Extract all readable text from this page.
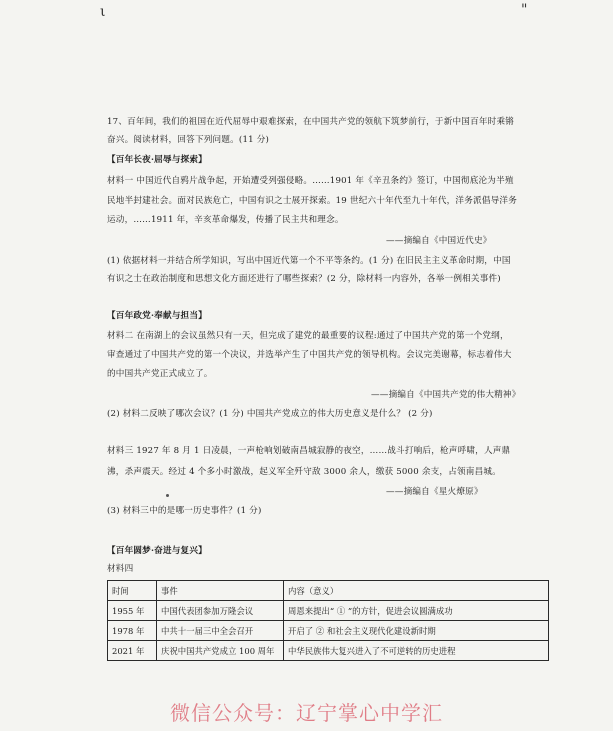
ι	"
17、百年间，我们的祖国在近代屈辱中艰难探索，在中国共产党的领航下筑梦前行，于新中国百年时乘锵
奋兴。阅读材料，回答下列问题。(11 分)
【百年长夜·屈辱与探索】
材料一 中国近代自鸦片战争起，开始遭受列强侵略。……1901 年《辛丑条约》签订，中国彻底沦为半殖
民地半封建社会。面对民族危亡，中国有识之士展开探索。19 世纪六十年代至九十年代，洋务派倡导洋务
运动，……1911 年，辛亥革命爆发，传播了民主共和理念。
——摘编自《中国近代史》
(1) 依据材料一并结合所学知识，写出中国近代第一个不平等条约。(1 分) 在旧民主主义革命时期，中国
有识之士在政治制度和思想文化方面还进行了哪些探索？(2 分，除材料一内容外，各举一例相关事件)
【百年政党·奉献与担当】
材料二 在南湖上的会议虽然只有一天，但完成了建党的最重要的议程:通过了中国共产党的第一个党纲，
审查通过了中国共产党的第一个决议，并选举产生了中国共产党的领导机构。会议完美谢幕，标志着伟大
的中国共产党正式成立了。
——摘编自《中国共产党的伟大精神》
(2) 材料二反映了哪次会议？(1 分) 中国共产党成立的伟大历史意义是什么？ (2 分)
材料三 1927 年 8 月 1 日凌晨，一声枪响划破南昌城寂静的夜空，……战斗打响后，枪声呼啸，人声鼎
沸，杀声震天。经过 4 个多小时激战，起义军全歼守敌 3000 余人，缴获 5000 余支，占领南昌城。
——摘编自《星火燎原》
(3) 材料三中的是哪一历史事件？(1 分)
【百年圆梦·奋进与复兴】
材料四
时间	事件	内容（意义）
1955 年	中国代表团参加万隆会议	周恩来提出“ ① ”的方针，促进会议圆满成功
1978 年	中共十一届三中全会召开	开启了 ② 和社会主义现代化建设新时期
2021 年	庆祝中国共产党成立 100 周年	中华民族伟大复兴进入了不可逆转的历史进程
微信公众号：辽宁掌心中学汇
